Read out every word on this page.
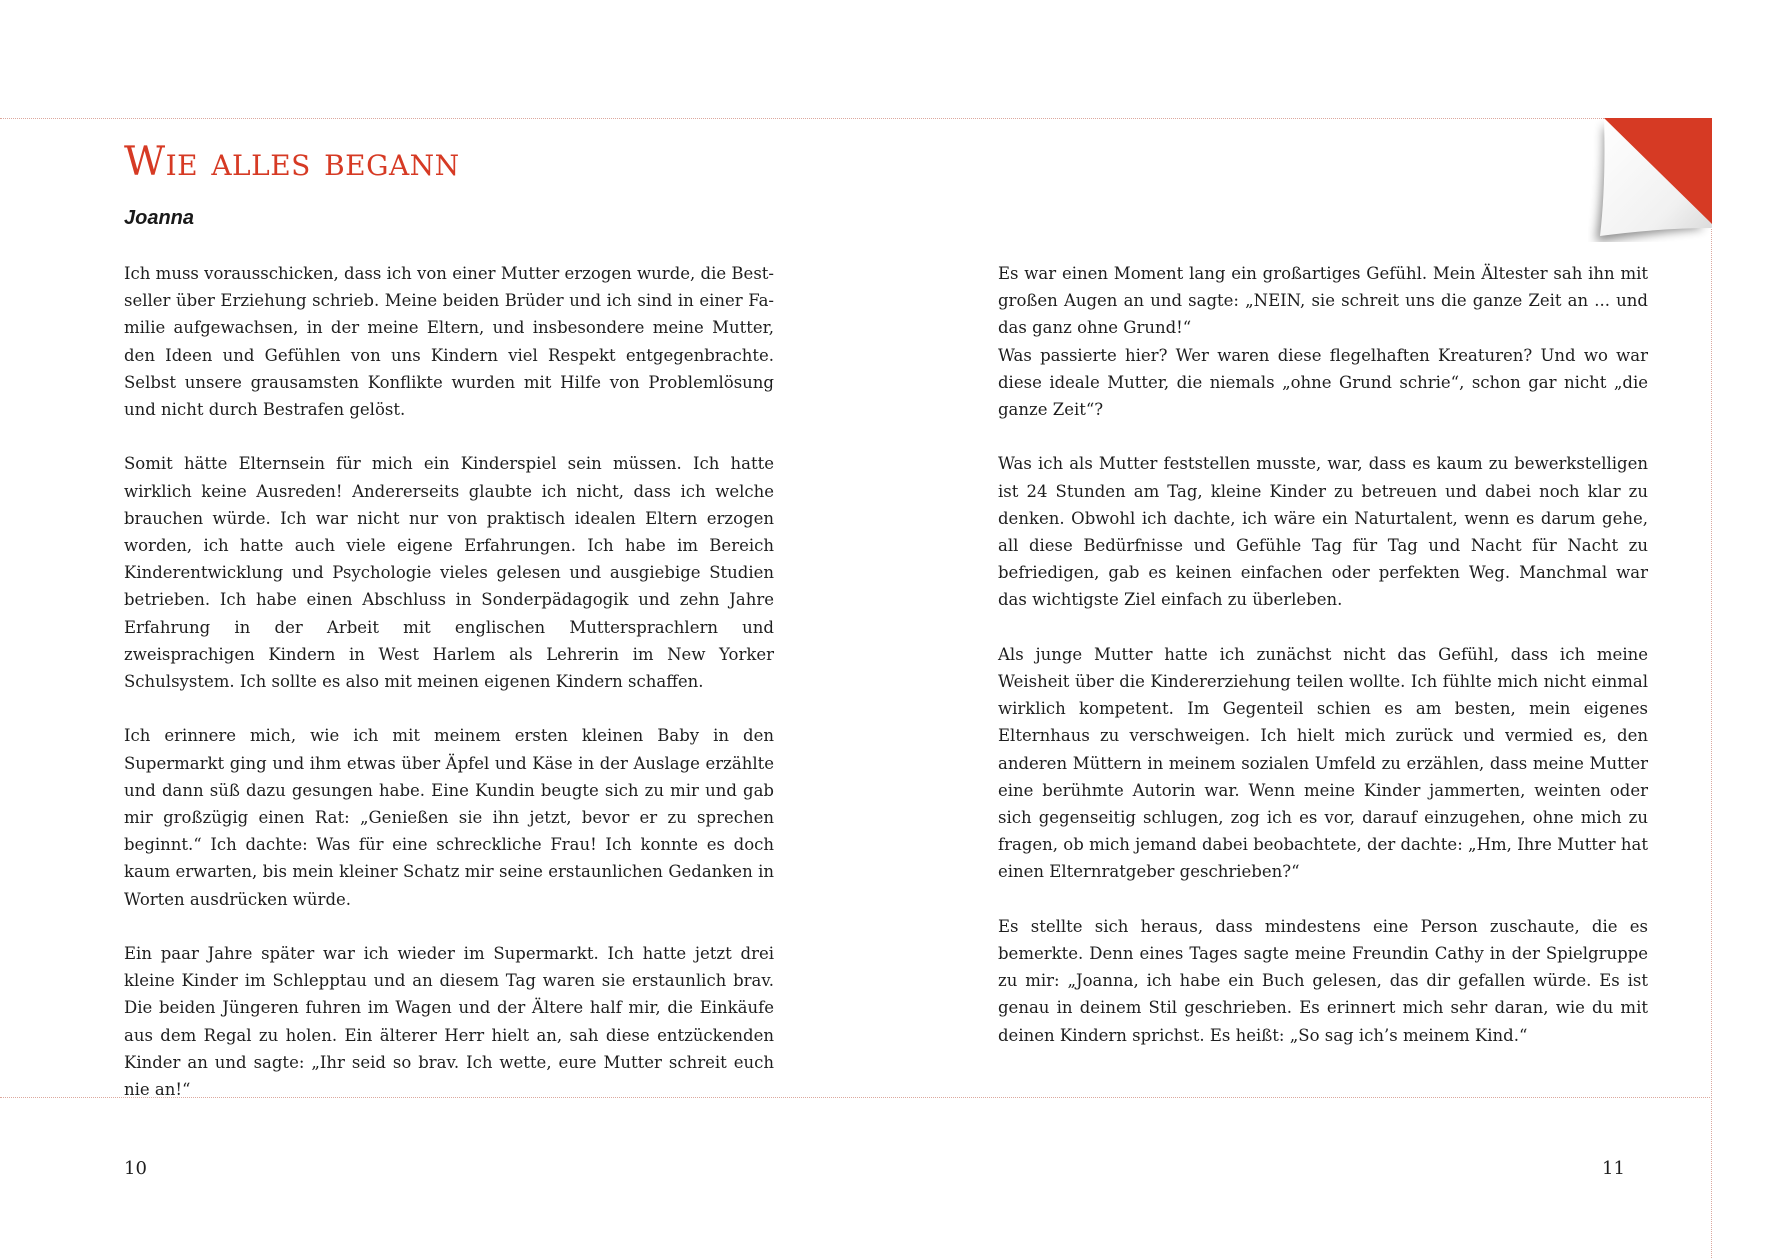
Wie alles begann
Joanna

Ich muss vorausschicken, dass ich von einer Mutter erzogen wurde, die Bestseller über Erziehung schrieb. Meine beiden Brüder und ich sind in einer Familie aufgewachsen, in der meine Eltern, und insbesondere meine Mutter, den Ideen und Gefühlen von uns Kindern viel Respekt entgegenbrachte. Selbst unsere grausamsten Konflikte wurden mit Hilfe von Problemlösung und nicht durch Bestrafen gelöst.

Somit hätte Elternsein für mich ein Kinderspiel sein müssen. Ich hatte wirklich keine Ausreden! Andererseits glaubte ich nicht, dass ich welche brauchen würde. Ich war nicht nur von praktisch idealen Eltern erzogen worden, ich hatte auch viele eigene Erfahrungen. Ich habe im Bereich Kinderentwicklung und Psychologie vieles gelesen und ausgiebige Studien betrieben. Ich habe einen Abschluss in Sonderpädagogik und zehn Jahre Erfahrung in der Arbeit mit englischen Muttersprachlern und zweisprachigen Kindern in West Harlem als Lehrerin im New Yorker Schulsystem. Ich sollte es also mit meinen eigenen Kindern schaffen.

Ich erinnere mich, wie ich mit meinem ersten kleinen Baby in den Supermarkt ging und ihm etwas über Äpfel und Käse in der Auslage erzählte und dann süß dazu gesungen habe. Eine Kundin beugte sich zu mir und gab mir großzügig einen Rat: „Genießen sie ihn jetzt, bevor er zu sprechen beginnt.“ Ich dachte: Was für eine schreckliche Frau! Ich konnte es doch kaum erwarten, bis mein kleiner Schatz mir seine erstaunlichen Gedanken in Worten ausdrücken würde.

Ein paar Jahre später war ich wieder im Supermarkt. Ich hatte jetzt drei kleine Kinder im Schlepptau und an diesem Tag waren sie erstaunlich brav. Die beiden Jüngeren fuhren im Wagen und der Ältere half mir, die Einkäufe aus dem Regal zu holen. Ein älterer Herr hielt an, sah diese entzückenden Kinder an und sagte: „Ihr seid so brav. Ich wette, eure Mutter schreit euch nie an!“

Es war einen Moment lang ein großartiges Gefühl. Mein Ältester sah ihn mit großen Augen an und sagte: „NEIN, sie schreit uns die ganze Zeit an ... und das ganz ohne Grund!“

Was passierte hier? Wer waren diese flegelhaften Kreaturen? Und wo war diese ideale Mutter, die niemals „ohne Grund schrie“, schon gar nicht „die ganze Zeit“?

Was ich als Mutter feststellen musste, war, dass es kaum zu bewerkstelligen ist 24 Stunden am Tag, kleine Kinder zu betreuen und dabei noch klar zu denken. Obwohl ich dachte, ich wäre ein Naturtalent, wenn es darum gehe, all diese Bedürfnisse und Gefühle Tag für Tag und Nacht für Nacht zu befriedigen, gab es keinen einfachen oder perfekten Weg. Manchmal war das wichtigste Ziel einfach zu überleben.

Als junge Mutter hatte ich zunächst nicht das Gefühl, dass ich meine Weisheit über die Kindererziehung teilen wollte. Ich fühlte mich nicht einmal wirklich kompetent. Im Gegenteil schien es am besten, mein eigenes Elternhaus zu verschweigen. Ich hielt mich zurück und vermied es, den anderen Müttern in meinem sozialen Umfeld zu erzählen, dass meine Mutter eine berühmte Autorin war. Wenn meine Kinder jammerten, weinten oder sich gegenseitig schlugen, zog ich es vor, darauf einzugehen, ohne mich zu fragen, ob mich jemand dabei beobachtete, der dachte: „Hm, Ihre Mutter hat einen Elternratgeber geschrieben?“

Es stellte sich heraus, dass mindestens eine Person zuschaute, die es bemerkte. Denn eines Tages sagte meine Freundin Cathy in der Spielgruppe zu mir: „Joanna, ich habe ein Buch gelesen, das dir gefallen würde. Es ist genau in deinem Stil geschrieben. Es erinnert mich sehr daran, wie du mit deinen Kindern sprichst. Es heißt: „So sag ich’s meinem Kind.“

10	11
